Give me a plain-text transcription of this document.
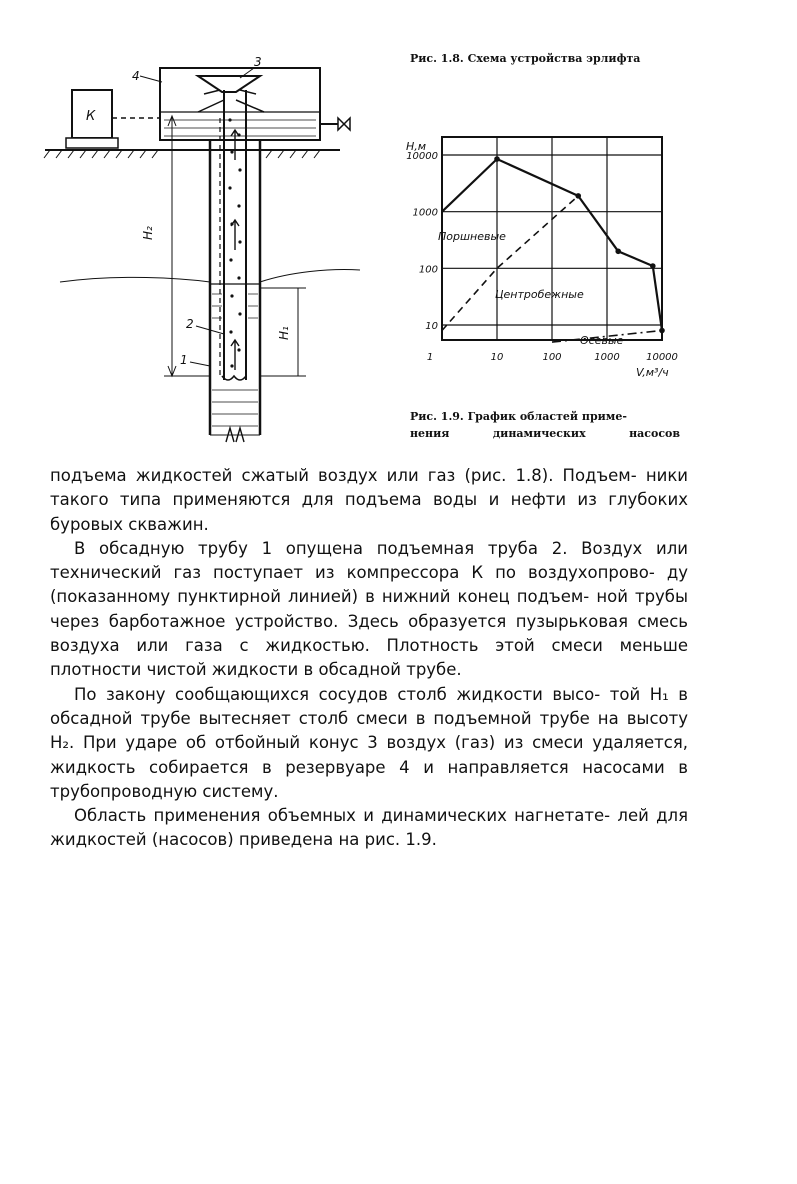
К
4
3
H₂
H₁
2
1
Рис. 1.8. Схема устройства эрлифта
10000
1000
100
10
1	10	100	1000	10000
H,м
V,м³/ч
Поршневые
Центробежные
Осевые
Рис. 1.9. График областей приме-
нения динамических насосов

подъема жидкостей сжатый воздух или газ (рис. 1.8). Подъем- ники такого типа применяются для подъема воды и нефти из глубоких буровых скважин.

В обсадную трубу 1 опущена подъемная труба 2. Воздух или технический газ поступает из компрессора К по воздухопрово- ду (показанному пунктирной линией) в нижний конец подъем- ной трубы через барботажное устройство. Здесь образуется пузырьковая смесь воздуха или газа с жидкостью. Плотность этой смеси меньше плотности чистой жидкости в обсадной трубе.

По закону сообщающихся сосудов столб жидкости высо- той H₁ в обсадной трубе вытесняет столб смеси в подъемной трубе на высоту H₂. При ударе об отбойный конус 3 воздух (газ) из смеси удаляется, жидкость собирается в резервуаре 4 и направляется насосами в трубопроводную систему.

Область применения объемных и динамических нагнетате- лей для жидкостей (насосов) приведена на рис. 1.9.
